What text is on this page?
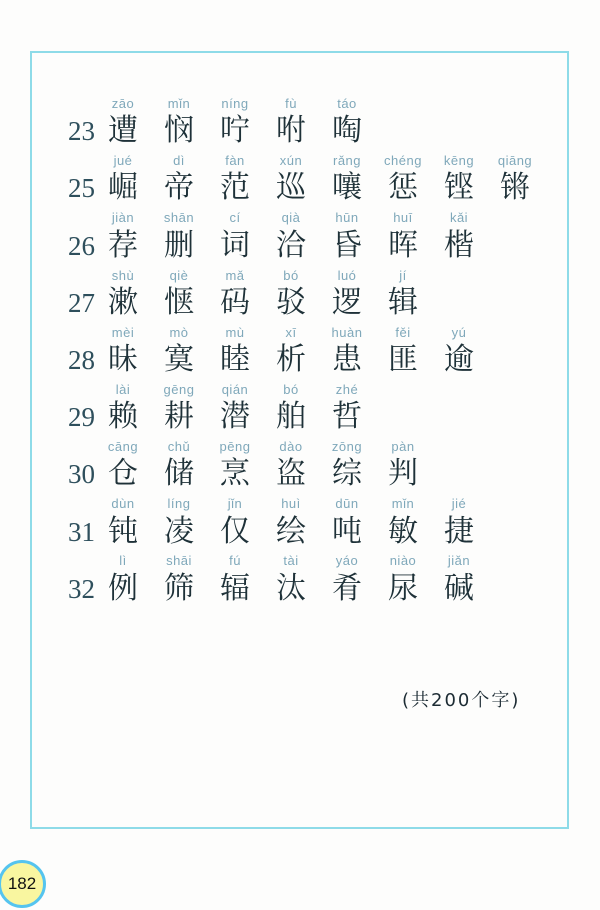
23
zāo
遭
mǐn
悯
níng
咛
fù
咐
táo
啕
25
jué
崛
dì
帝
fàn
范
xún
巡
rǎng
嚷
chéng
惩
kēng
铿
qiāng
锵
26
jiàn
荐
shān
删
cí
词
qià
洽
hūn
昏
huī
晖
kǎi
楷
27
shù
漱
qiè
惬
mǎ
码
bó
驳
luó
逻
jí
辑
28
mèi
昧
mò
寞
mù
睦
xī
析
huàn
患
fěi
匪
yú
逾
29
lài
赖
gēng
耕
qián
潜
bó
舶
zhé
哲
30
cāng
仓
chǔ
储
pēng
烹
dào
盗
zōng
综
pàn
判
31
dùn
钝
líng
凌
jǐn
仅
huì
绘
dūn
吨
mǐn
敏
jié
捷
32
lì
例
shāi
筛
fú
辐
tài
汰
yáo
肴
niào
尿
jiǎn
碱
(共200个字)
182
